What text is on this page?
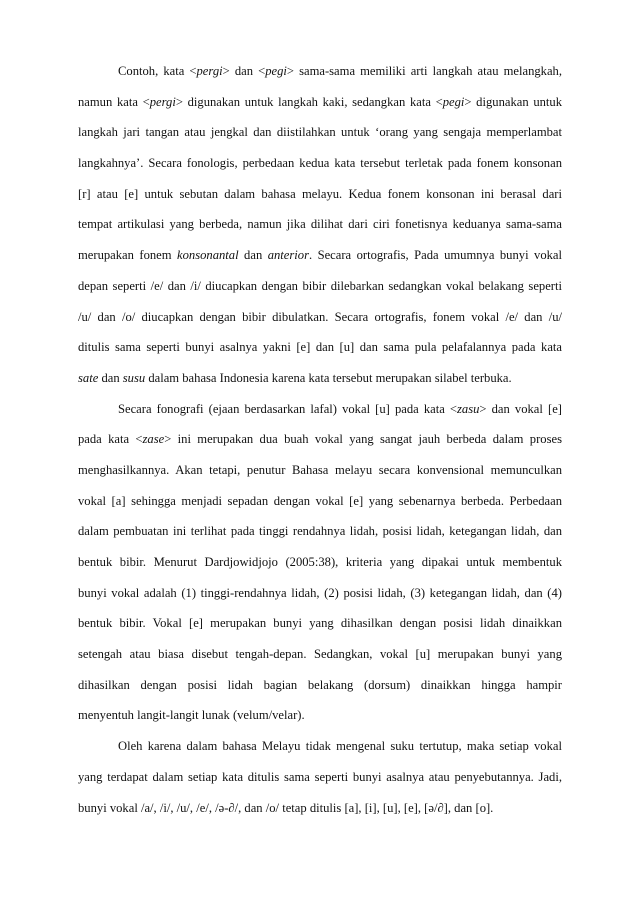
Contoh, kata <pergi> dan <pegi> sama-sama memiliki arti langkah atau melangkah,
namun kata <pergi> digunakan untuk langkah kaki, sedangkan kata <pegi> digunakan untuk
langkah jari tangan atau jengkal dan diistilahkan untuk ‘orang yang sengaja memperlambat
langkahnya’. Secara fonologis, perbedaan kedua kata tersebut terletak pada fonem konsonan
[r] atau [e] untuk sebutan dalam bahasa melayu. Kedua fonem konsonan ini berasal dari
tempat artikulasi yang berbeda, namun jika dilihat dari ciri fonetisnya keduanya sama-sama
merupakan fonem konsonantal dan anterior. Secara ortografis, Pada umumnya bunyi vokal
depan seperti /e/ dan /i/ diucapkan dengan bibir dilebarkan sedangkan vokal belakang seperti
/u/ dan /o/ diucapkan dengan bibir dibulatkan. Secara ortografis, fonem vokal /e/ dan /u/
ditulis sama seperti bunyi asalnya yakni [e] dan [u] dan sama pula pelafalannya pada kata
sate dan susu dalam bahasa Indonesia karena kata tersebut merupakan silabel terbuka.
Secara fonografi (ejaan berdasarkan lafal) vokal [u] pada kata <zasu> dan vokal [e]
pada kata <zase> ini merupakan dua buah vokal yang sangat jauh berbeda dalam proses
menghasilkannya. Akan tetapi, penutur Bahasa melayu secara konvensional memunculkan
vokal [a] sehingga menjadi sepadan dengan vokal [e] yang sebenarnya berbeda. Perbedaan
dalam pembuatan ini terlihat pada tinggi rendahnya lidah, posisi lidah, ketegangan lidah, dan
bentuk bibir. Menurut Dardjowidjojo (2005:38), kriteria yang dipakai untuk membentuk
bunyi vokal adalah (1) tinggi-rendahnya lidah, (2) posisi lidah, (3) ketegangan lidah, dan (4)
bentuk bibir. Vokal [e] merupakan bunyi yang dihasilkan dengan posisi lidah dinaikkan
setengah atau biasa disebut tengah-depan. Sedangkan, vokal [u] merupakan bunyi yang
dihasilkan dengan posisi lidah bagian belakang (dorsum) dinaikkan hingga hampir
menyentuh langit-langit lunak (velum/velar).
Oleh karena dalam bahasa Melayu tidak mengenal suku tertutup, maka setiap vokal
yang terdapat dalam setiap kata ditulis sama seperti bunyi asalnya atau penyebutannya. Jadi,
bunyi vokal /a/, /i/, /u/, /e/, /ə-∂/, dan /o/ tetap ditulis [a], [i], [u], [e], [ə/∂], dan [o].
